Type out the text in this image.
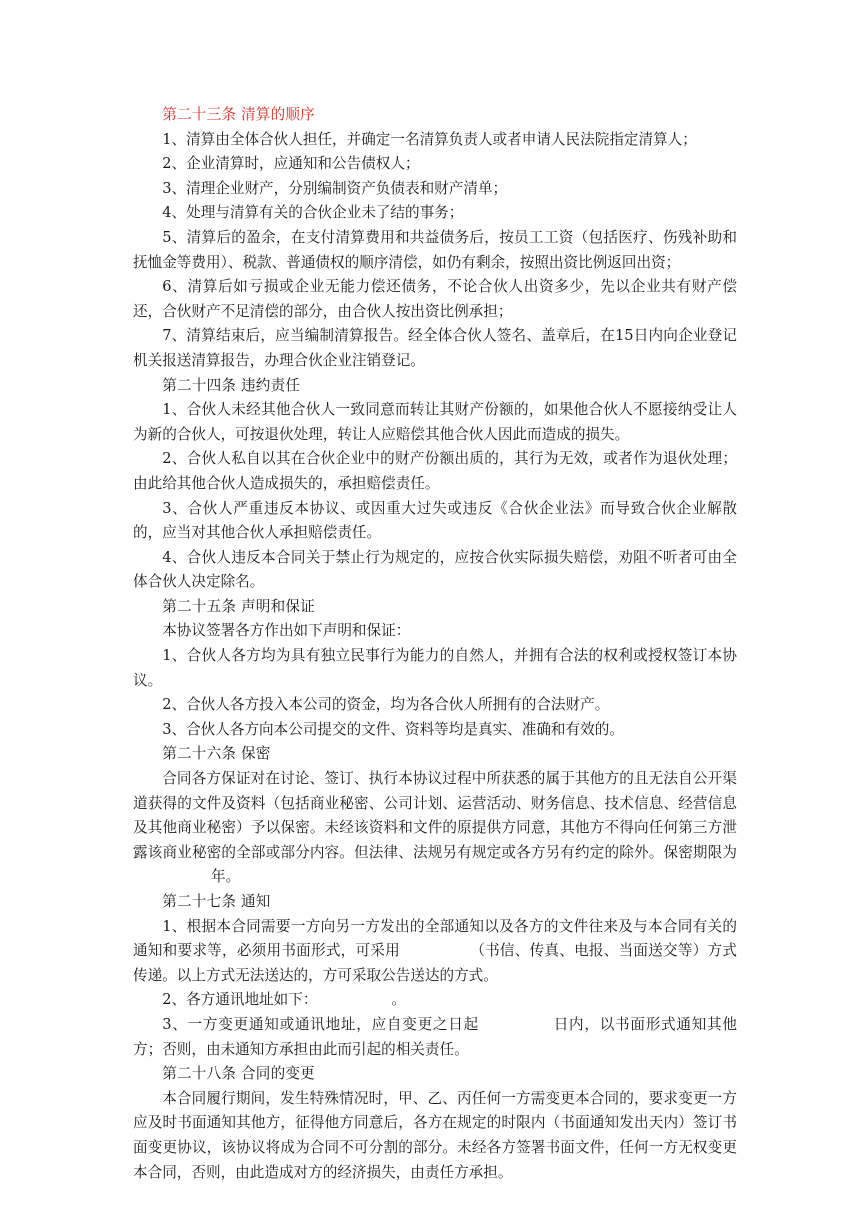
第二十三条 清算的顺序

1、清算由全体合伙人担任，并确定一名清算负责人或者申请人民法院指定清算人；

2、企业清算时，应通知和公告债权人；

3、清理企业财产，分别编制资产负债表和财产清单；

4、处理与清算有关的合伙企业未了结的事务；

5、清算后的盈余，在支付清算费用和共益债务后，按员工工资（包括医疗、伤残补助和抚恤金等费用）、税款、普通债权的顺序清偿，如仍有剩余，按照出资比例返回出资；

6、清算后如亏损或企业无能力偿还债务，不论合伙人出资多少，先以企业共有财产偿还，合伙财产不足清偿的部分，由合伙人按出资比例承担；

7、清算结束后，应当编制清算报告。经全体合伙人签名、盖章后，在15日内向企业登记机关报送清算报告，办理合伙企业注销登记。

第二十四条 违约责任

1、合伙人未经其他合伙人一致同意而转让其财产份额的，如果他合伙人不愿接纳受让人为新的合伙人，可按退伙处理，转让人应赔偿其他合伙人因此而造成的损失。

2、合伙人私自以其在合伙企业中的财产份额出质的，其行为无效，或者作为退伙处理；由此给其他合伙人造成损失的，承担赔偿责任。

3、合伙人严重违反本协议、或因重大过失或违反《合伙企业法》而导致合伙企业解散的，应当对其他合伙人承担赔偿责任。

4、合伙人违反本合同关于禁止行为规定的，应按合伙实际损失赔偿，劝阻不听者可由全体合伙人决定除名。

第二十五条 声明和保证

本协议签署各方作出如下声明和保证：

1、合伙人各方均为具有独立民事行为能力的自然人，并拥有合法的权利或授权签订本协议。

2、合伙人各方投入本公司的资金，均为各合伙人所拥有的合法财产。

3、合伙人各方向本公司提交的文件、资料等均是真实、准确和有效的。

第二十六条 保密

合同各方保证对在讨论、签订、执行本协议过程中所获悉的属于其他方的且无法自公开渠道获得的文件及资料（包括商业秘密、公司计划、运营活动、财务信息、技术信息、经营信息及其他商业秘密）予以保密。未经该资料和文件的原提供方同意，其他方不得向任何第三方泄露该商业秘密的全部或部分内容。但法律、法规另有规定或各方另有约定的除外。保密期限为年。

第二十七条 通知

1、根据本合同需要一方向另一方发出的全部通知以及各方的文件往来及与本合同有关的通知和要求等，必须用书面形式，可采用	（书信、传真、电报、当面送交等）方式传递。以上方式无法送达的，方可采取公告送达的方式。

2、各方通讯地址如下：	。

3、一方变更通知或通讯地址，应自变更之日起	日内，以书面形式通知其他方；否则，由未通知方承担由此而引起的相关责任。

第二十八条 合同的变更

本合同履行期间，发生特殊情况时，甲、乙、丙任何一方需变更本合同的，要求变更一方应及时书面通知其他方，征得他方同意后，各方在规定的时限内（书面通知发出天内）签订书面变更协议，该协议将成为合同不可分割的部分。未经各方签署书面文件，任何一方无权变更本合同，否则，由此造成对方的经济损失，由责任方承担。
